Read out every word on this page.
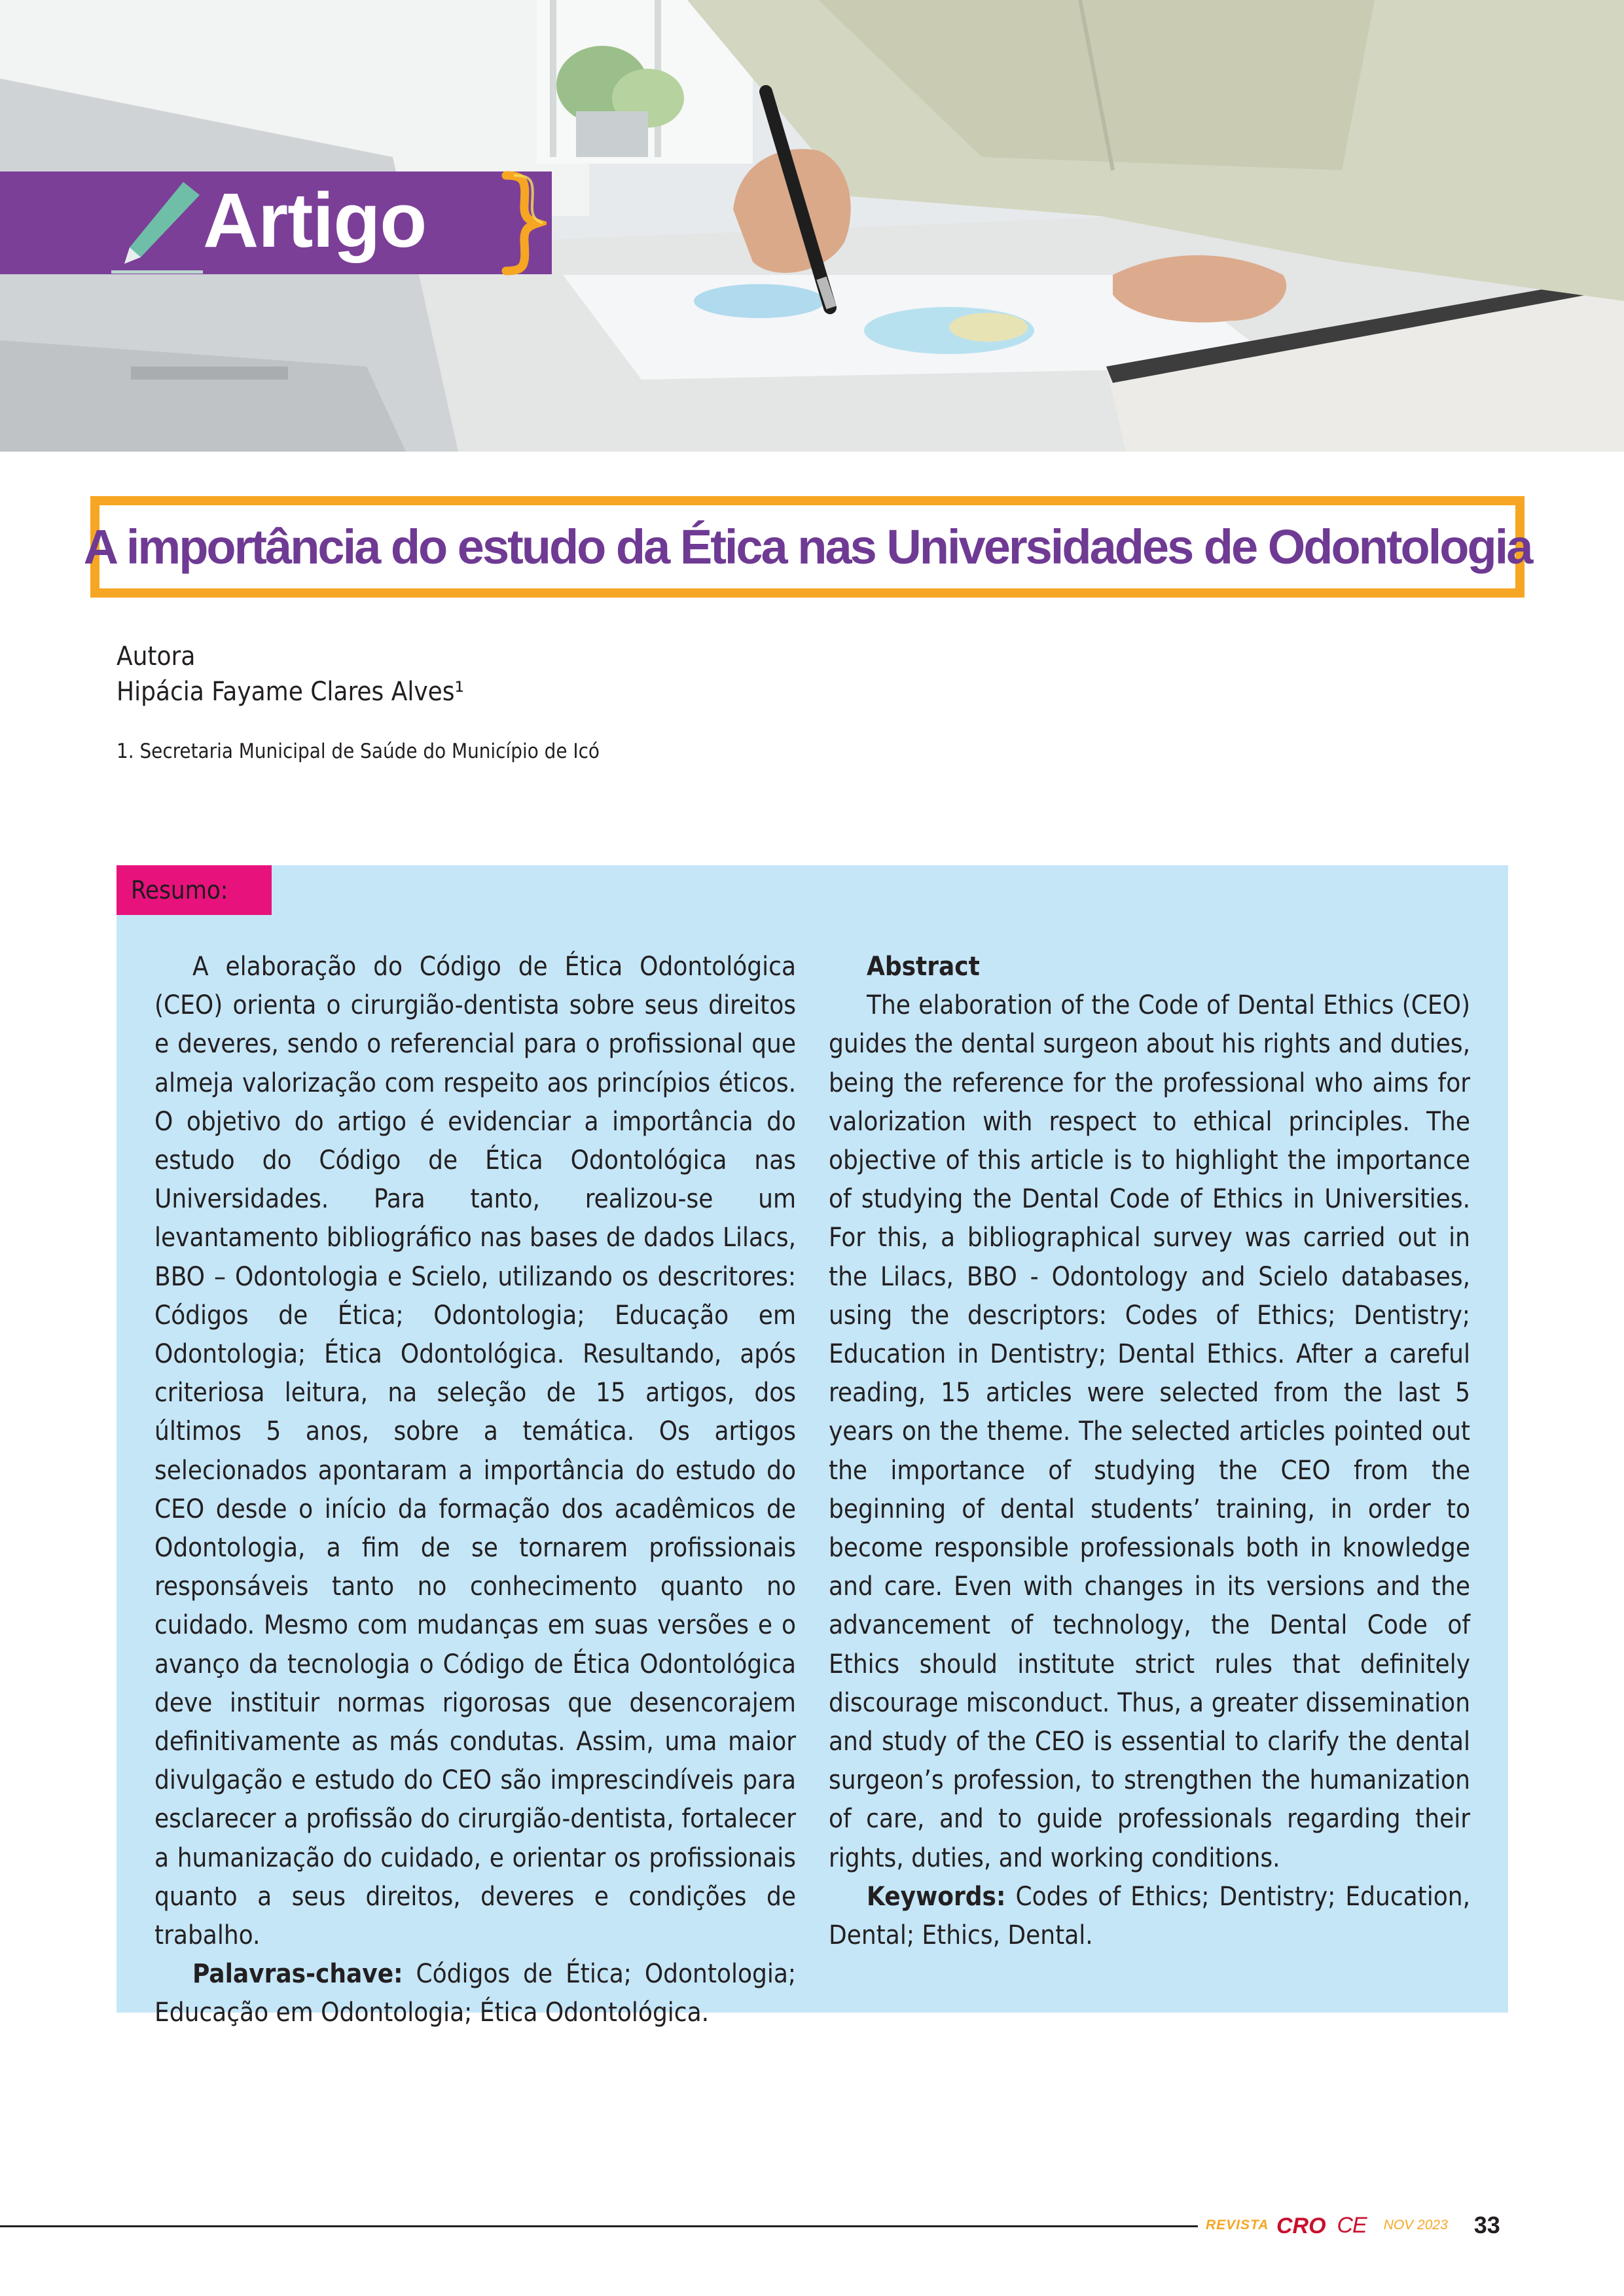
Artigo
A importância do estudo da Ética nas Universidades de Odontologia
Autora
Hipácia Fayame Clares Alves¹
1. Secretaria Municipal de Saúde do Município de Icó
Resumo:

A elaboração do Código de Ética Odontológica (CEO) orienta o cirurgião-dentista sobre seus direitos e deveres, sendo o referencial para o profissional que almeja valorização com respeito aos princípios éticos. O objetivo do artigo é evidenciar a importância do estudo do Código de Ética Odontológica nas Universidades. Para tanto, realizou-se um levantamento bibliográfico nas bases de dados Lilacs, BBO – Odontologia e Scielo, utilizando os descritores: Códigos de Ética; Odontologia; Educação em Odontologia; Ética Odontológica. Resultando, após criteriosa leitura, na seleção de 15 artigos, dos últimos 5 anos, sobre a temática. Os artigos selecionados apontaram a importância do estudo do CEO desde o início da formação dos acadêmicos de Odontologia, a fim de se tornarem profissionais responsáveis tanto no conhecimento quanto no cuidado. Mesmo com mudanças em suas versões e o avanço da tecnologia o Código de Ética Odontológica deve instituir normas rigorosas que desencorajem definitivamente as más condutas. Assim, uma maior divulgação e estudo do CEO são imprescindíveis para esclarecer a profissão do cirurgião-dentista, fortalecer a humanização do cuidado, e orientar os profissionais quanto a seus direitos, deveres e condições de trabalho.

Palavras-chave: Códigos de Ética; Odontologia; Educação em Odontologia; Ética Odontológica.

Abstract

The elaboration of the Code of Dental Ethics (CEO) guides the dental surgeon about his rights and duties, being the reference for the professional who aims for valorization with respect to ethical principles. The objective of this article is to highlight the importance of studying the Dental Code of Ethics in Universities. For this, a bibliographical survey was carried out in the Lilacs, BBO - Odontology and Scielo databases, using the descriptors: Codes of Ethics; Dentistry; Education in Dentistry; Dental Ethics. After a careful reading, 15 articles were selected from the last 5 years on the theme. The selected articles pointed out the importance of studying the CEO from the beginning of dental students’ training, in order to become responsible professionals both in knowledge and care. Even with changes in its versions and the advancement of technology, the Dental Code of Ethics should institute strict rules that definitely discourage misconduct. Thus, a greater dissemination and study of the CEO is essential to clarify the dental surgeon’s profession, to strengthen the humanization of care, and to guide professionals regarding their rights, duties, and working conditions.

Keywords: Codes of Ethics; Dentistry; Education, Dental; Ethics, Dental.

REVISTA CRO CE NOV 2023 33
